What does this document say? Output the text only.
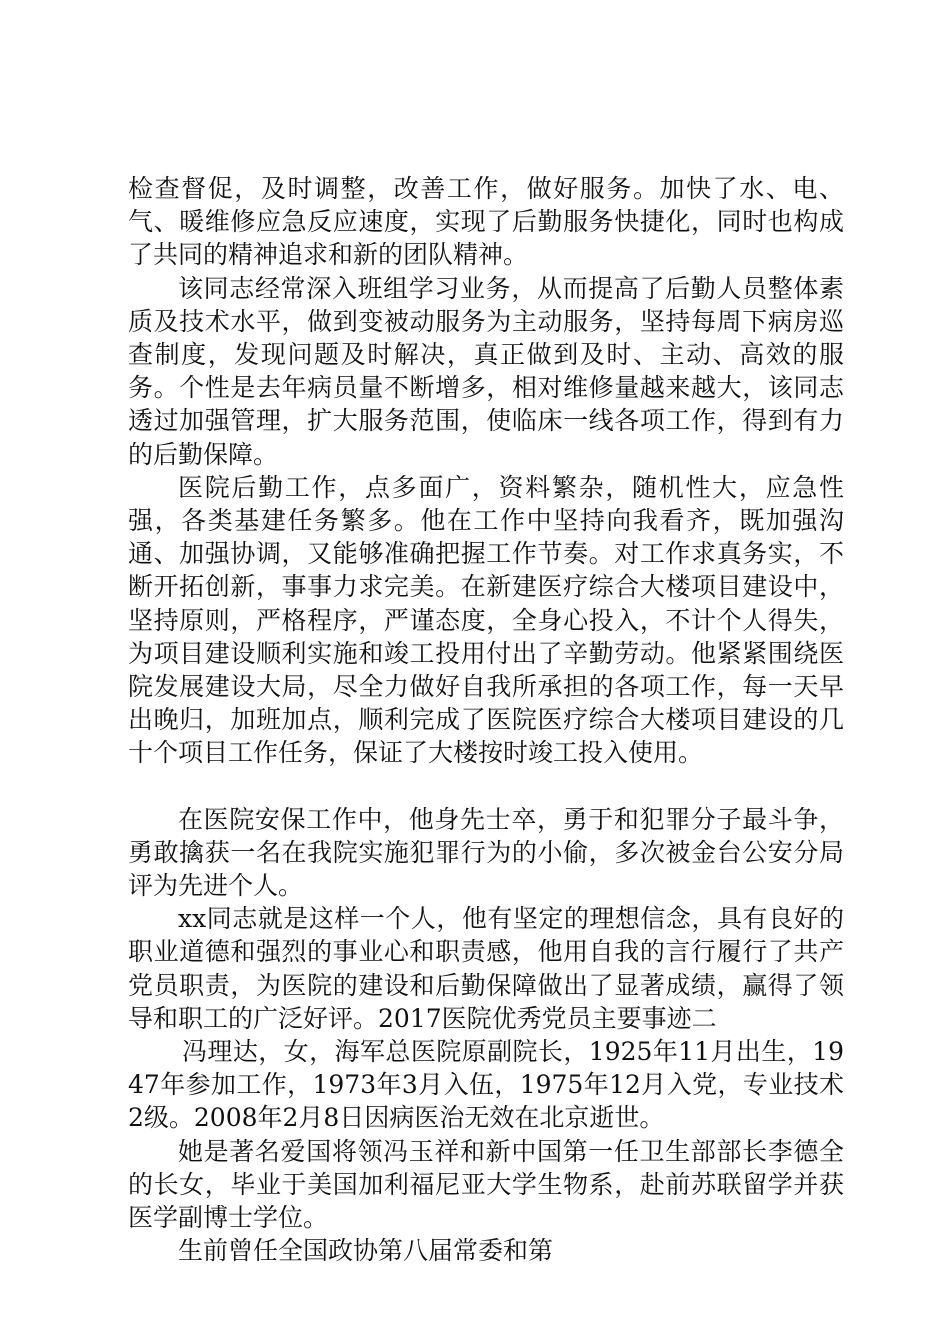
检查督促，及时调整，改善工作，做好服务。加快了水、电、气、暖维修应急反应速度，实现了后勤服务快捷化，同时也构成了共同的精神追求和新的团队精神。

该同志经常深入班组学习业务，从而提高了后勤人员整体素质及技术水平，做到变被动服务为主动服务，坚持每周下病房巡查制度，发现问题及时解决，真正做到及时、主动、高效的服务。个性是去年病员量不断增多，相对维修量越来越大，该同志透过加强管理，扩大服务范围，使临床一线各项工作，得到有力的后勤保障。

医院后勤工作，点多面广，资料繁杂，随机性大，应急性强，各类基建任务繁多。他在工作中坚持向我看齐，既加强沟通、加强协调，又能够准确把握工作节奏。对工作求真务实，不断开拓创新，事事力求完美。在新建医疗综合大楼项目建设中，坚持原则，严格程序，严谨态度，全身心投入，不计个人得失，为项目建设顺利实施和竣工投用付出了辛勤劳动。他紧紧围绕医院发展建设大局，尽全力做好自我所承担的各项工作，每一天早出晚归，加班加点，顺利完成了医院医疗综合大楼项目建设的几十个项目工作任务，保证了大楼按时竣工投入使用。

在医院安保工作中，他身先士卒，勇于和犯罪分子最斗争，勇敢擒获一名在我院实施犯罪行为的小偷，多次被金台公安分局评为先进个人。

xx同志就是这样一个人，他有坚定的理想信念，具有良好的职业道德和强烈的事业心和职责感，他用自我的言行履行了共产党员职责，为医院的建设和后勤保障做出了显著成绩，赢得了领导和职工的广泛好评。2017医院优秀党员主要事迹二

冯理达，女，海军总医院原副院长，1925年11月出生，1947年参加工作，1973年3月入伍，1975年12月入党，专业技术2级。2008年2月8日因病医治无效在北京逝世。

她是著名爱国将领冯玉祥和新中国第一任卫生部部长李德全的长女，毕业于美国加利福尼亚大学生物系，赴前苏联留学并获医学副博士学位。

生前曾任全国政协第八届常委和第
